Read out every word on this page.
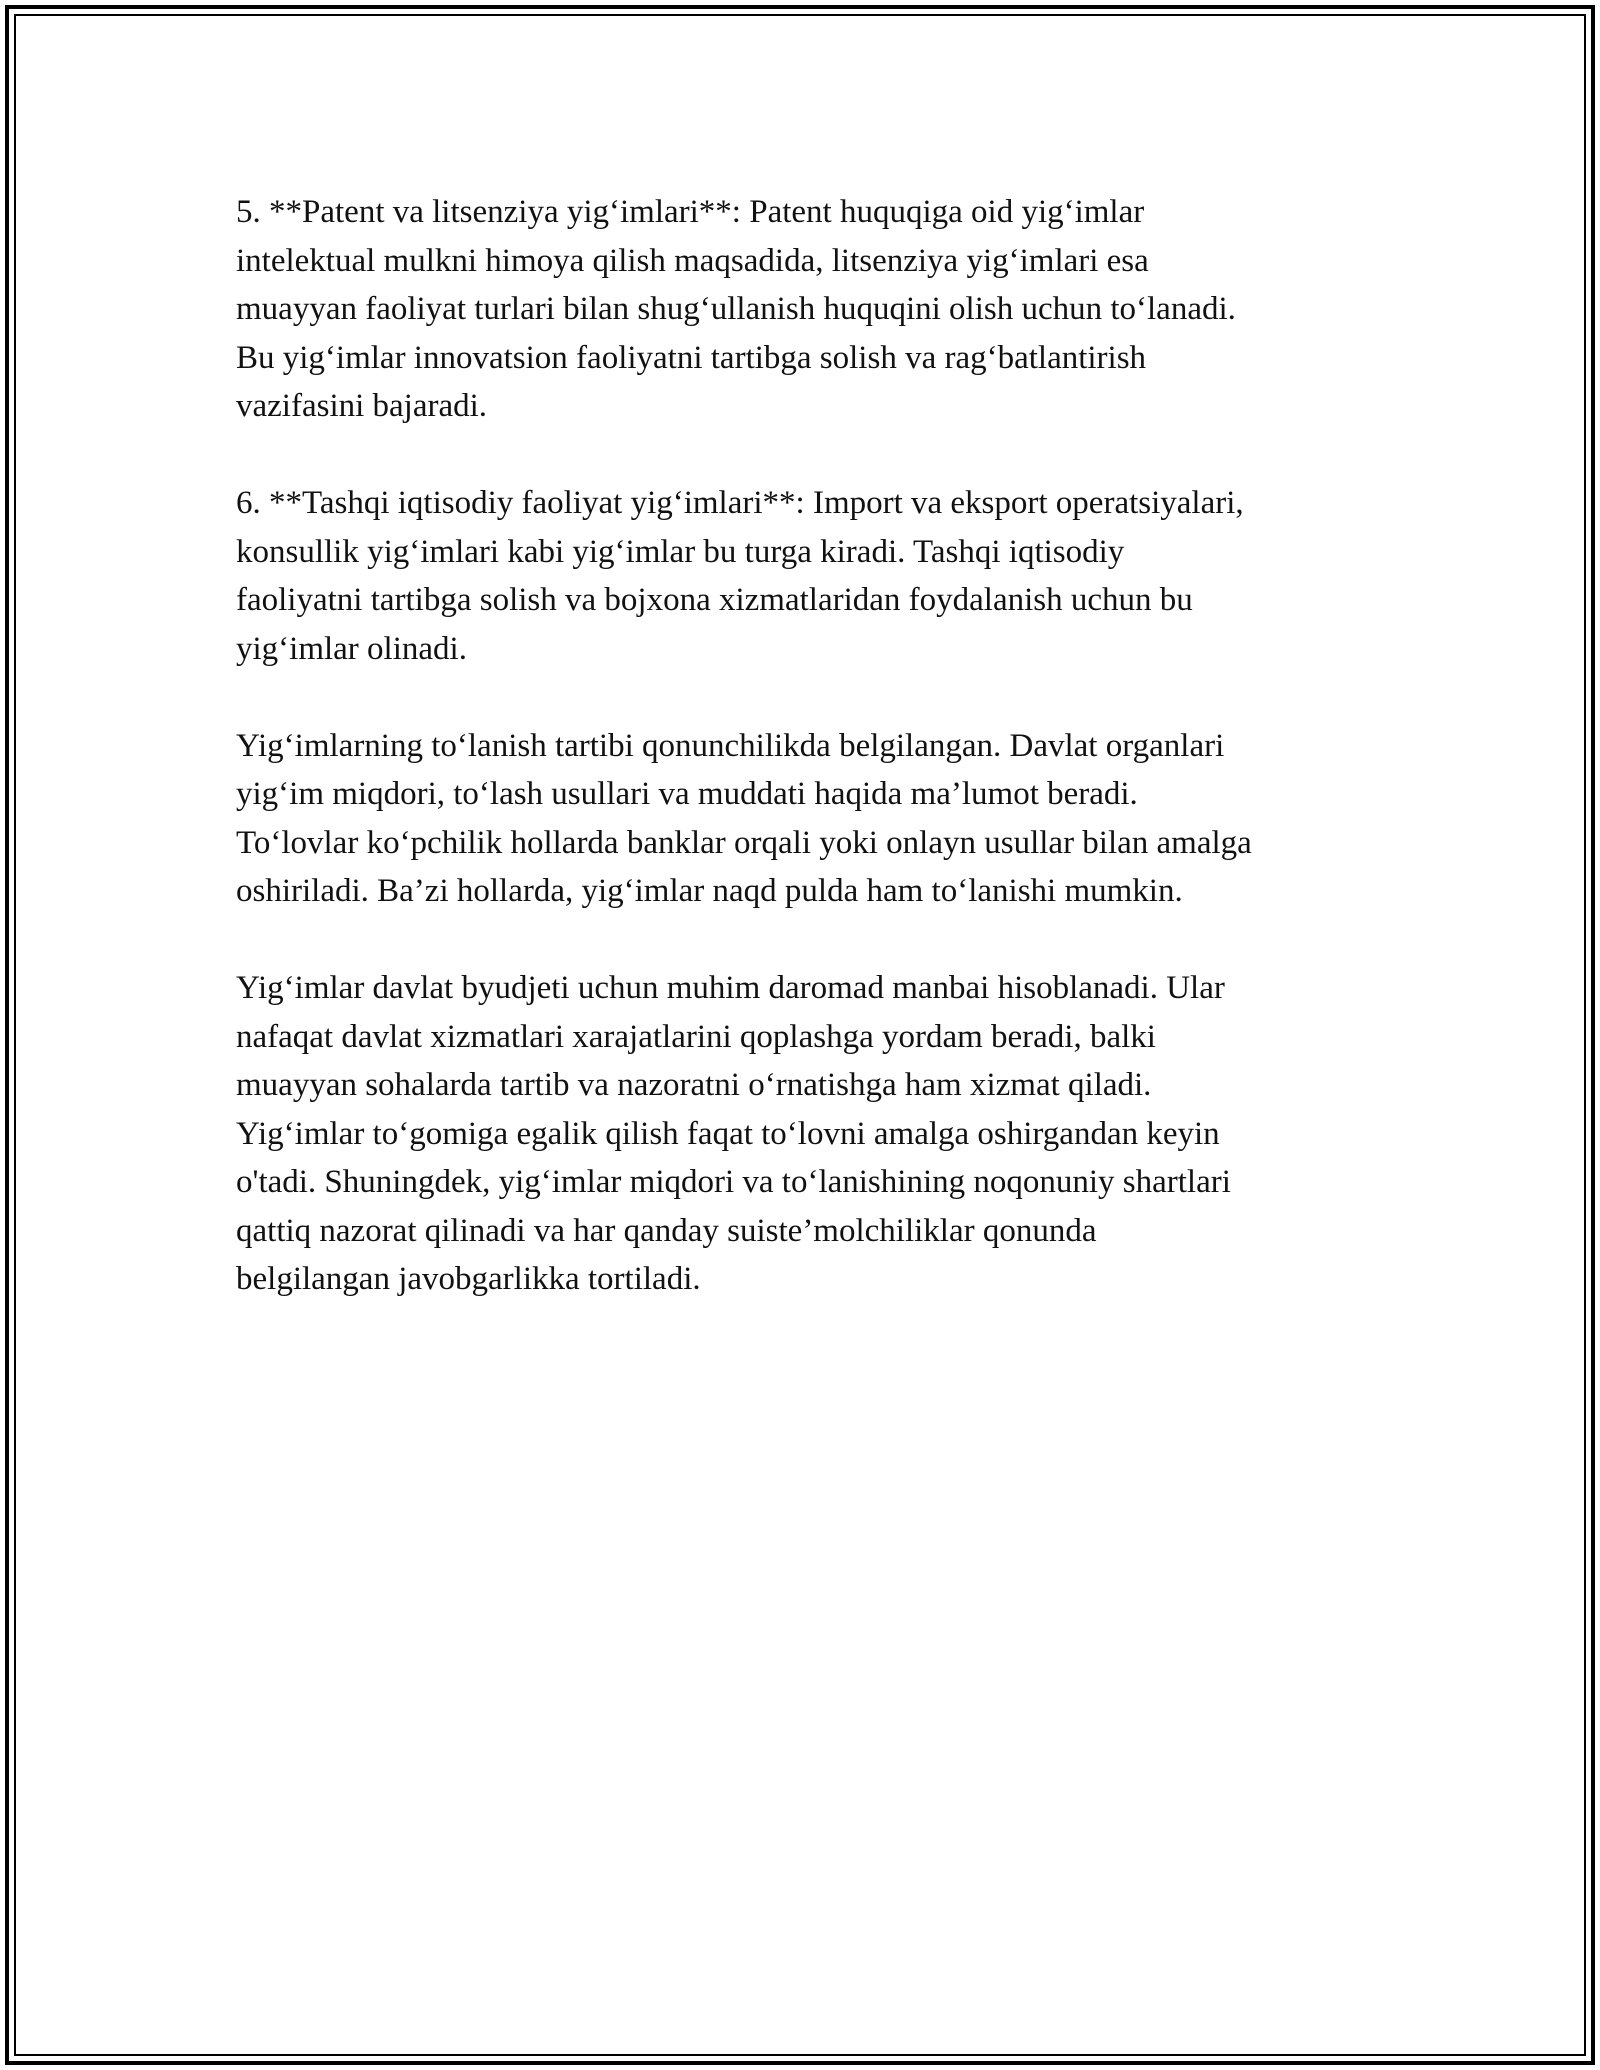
5. **Patent va litsenziya yig‘imlari**: Patent huquqiga oid yig‘imlar
intelektual mulkni himoya qilish maqsadida, litsenziya yig‘imlari esa
muayyan faoliyat turlari bilan shug‘ullanish huquqini olish uchun to‘lanadi.
Bu yig‘imlar innovatsion faoliyatni tartibga solish va rag‘batlantirish
vazifasini bajaradi.

6. **Tashqi iqtisodiy faoliyat yig‘imlari**: Import va eksport operatsiyalari,
konsullik yig‘imlari kabi yig‘imlar bu turga kiradi. Tashqi iqtisodiy
faoliyatni tartibga solish va bojxona xizmatlaridan foydalanish uchun bu
yig‘imlar olinadi.

Yig‘imlarning to‘lanish tartibi qonunchilikda belgilangan. Davlat organlari
yig‘im miqdori, to‘lash usullari va muddati haqida ma’lumot beradi.
To‘lovlar ko‘pchilik hollarda banklar orqali yoki onlayn usullar bilan amalga
oshiriladi. Ba’zi hollarda, yig‘imlar naqd pulda ham to‘lanishi mumkin.

Yig‘imlar davlat byudjeti uchun muhim daromad manbai hisoblanadi. Ular
nafaqat davlat xizmatlari xarajatlarini qoplashga yordam beradi, balki
muayyan sohalarda tartib va nazoratni o‘rnatishga ham xizmat qiladi.
Yig‘imlar to‘gomiga egalik qilish faqat to‘lovni amalga oshirgandan keyin
o'tadi. Shuningdek, yig‘imlar miqdori va to‘lanishining noqonuniy shartlari
qattiq nazorat qilinadi va har qanday suiste’molchiliklar qonunda
belgilangan javobgarlikka tortiladi.
